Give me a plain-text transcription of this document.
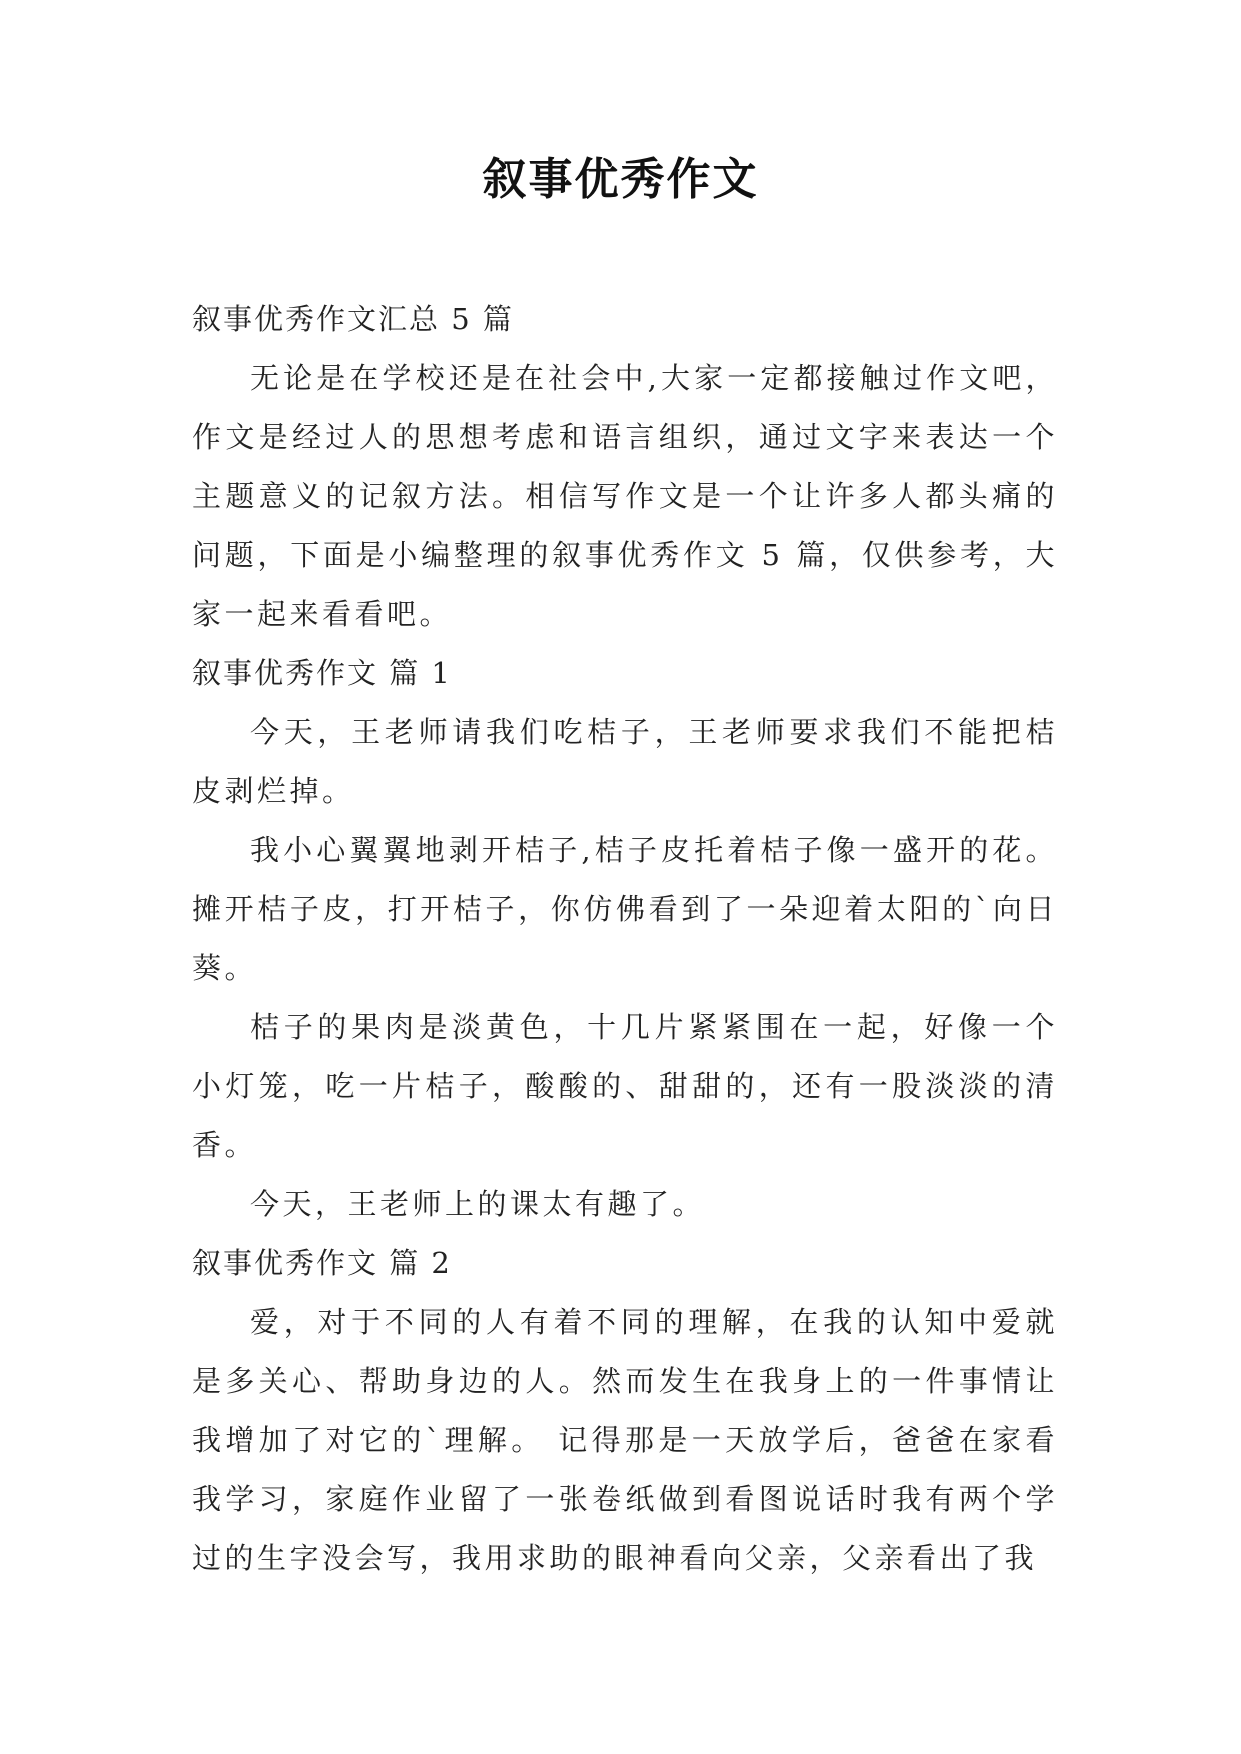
叙事优秀作文

叙事优秀作文汇总 5 篇

无论是在学校还是在社会中,大家一定都接触过作文吧，作文是经过人的思想考虑和语言组织，通过文字来表达一个主题意义的记叙方法。相信写作文是一个让许多人都头痛的问题，下面是小编整理的叙事优秀作文 5 篇，仅供参考，大家一起来看看吧。

叙事优秀作文 篇 1

今天，王老师请我们吃桔子，王老师要求我们不能把桔皮剥烂掉。

我小心翼翼地剥开桔子,桔子皮托着桔子像一盛开的花。摊开桔子皮，打开桔子，你仿佛看到了一朵迎着太阳的`向日葵。

桔子的果肉是淡黄色，十几片紧紧围在一起，好像一个小灯笼，吃一片桔子，酸酸的、甜甜的，还有一股淡淡的清香。

今天，王老师上的课太有趣了。

叙事优秀作文 篇 2

爱，对于不同的人有着不同的理解，在我的认知中爱就是多关心、帮助身边的人。然而发生在我身上的一件事情让我增加了对它的`理解。 记得那是一天放学后，爸爸在家看我学习，家庭作业留了一张卷纸做到看图说话时我有两个学过的生字没会写，我用求助的眼神看向父亲，父亲看出了我
